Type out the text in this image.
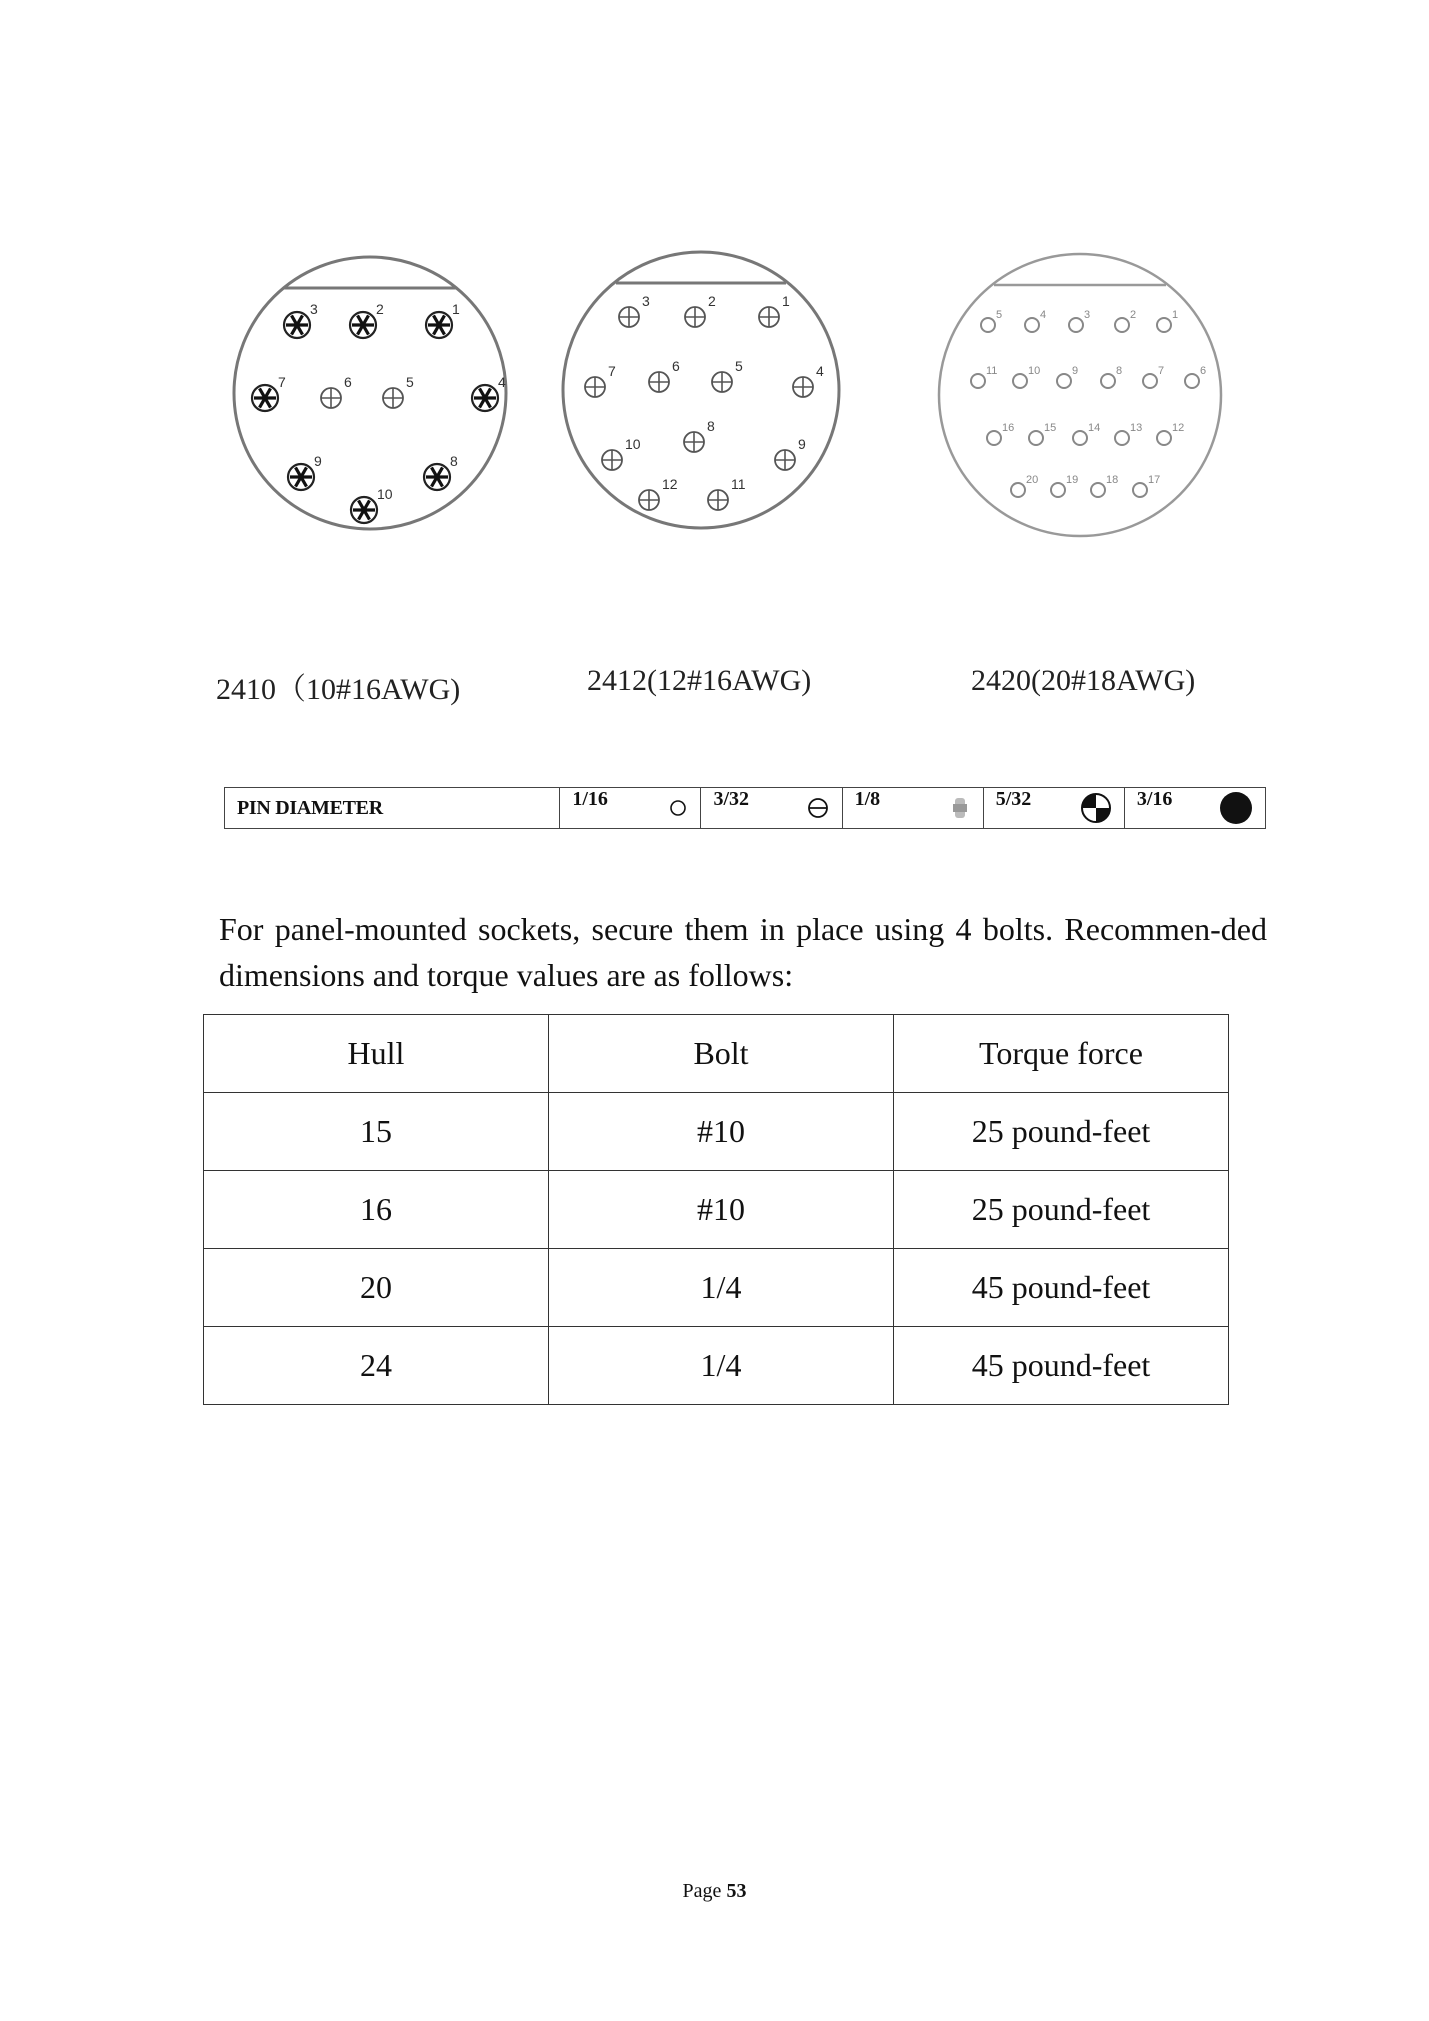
3	2	1
7	6	5	4
9
10
8
3	2	1
7	6	5	4
10
8
9
12	11
5	4	3	2	1
11	10	9	8	7	6
16	15	14	13	12
20	19	18	17
2410（10#16AWG)	2412(12#16AWG)	2420(20#18AWG)
PIN DIAMETER	1/16	3/32	1/8	5/32	3/16

For panel-mounted sockets, secure them in place using 4 bolts. Recommen-ded dimensions and torque values are as follows:

Hull	Bolt	Torque force
15	#10	25 pound-feet
16	#10	25 pound-feet
20	1/4	45 pound-feet
24	1/4	45 pound-feet
Page 53
